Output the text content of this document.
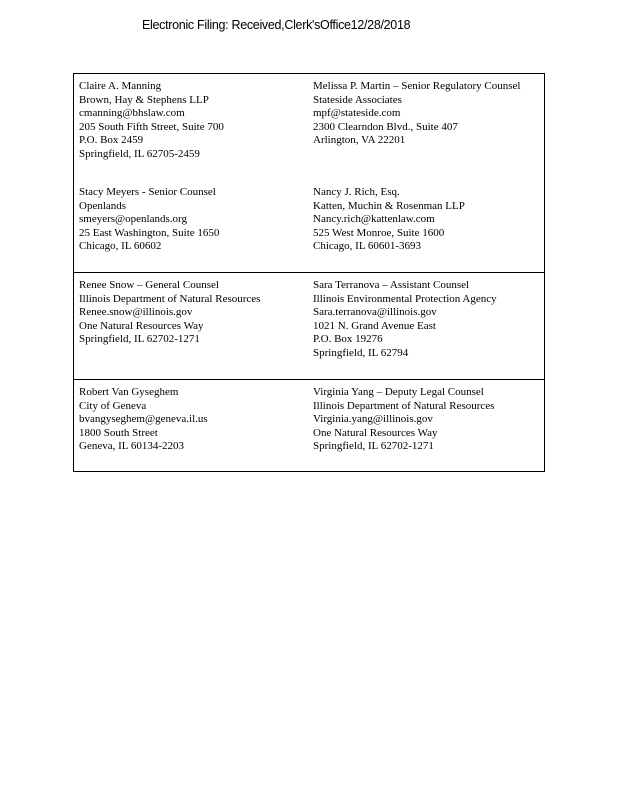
Electronic Filing: Received,Clerk'sOffice12/28/2018
Claire A. Manning
Brown, Hay & Stephens LLP
cmanning@bhslaw.com
205 South Fifth Street, Suite 700
P.O. Box 2459
Springfield, IL 62705-2459
Melissa P. Martin – Senior Regulatory Counsel
Stateside Associates
mpf@stateside.com
2300 Clearndon Blvd., Suite 407
Arlington, VA 22201
Stacy Meyers - Senior Counsel
Openlands
smeyers@openlands.org
25 East Washington, Suite 1650
Chicago, IL 60602
Nancy J. Rich, Esq.
Katten, Muchin & Rosenman LLP
Nancy.rich@kattenlaw.com
525 West Monroe, Suite 1600
Chicago, IL 60601-3693
Renee Snow – General Counsel
Illinois Department of Natural Resources
Renee.snow@illinois.gov
One Natural Resources Way
Springfield, IL 62702-1271
Sara Terranova – Assistant Counsel
Illinois Environmental Protection Agency
Sara.terranova@illinois.gov
1021 N. Grand Avenue East
P.O. Box 19276
Springfield, IL 62794
Robert Van Gyseghem
City of Geneva
bvangyseghem@geneva.il.us
1800 South Street
Geneva, IL 60134-2203
Virginia Yang – Deputy Legal Counsel
Illinois Department of Natural Resources
Virginia.yang@illinois.gov
One Natural Resources Way
Springfield, IL 62702-1271
